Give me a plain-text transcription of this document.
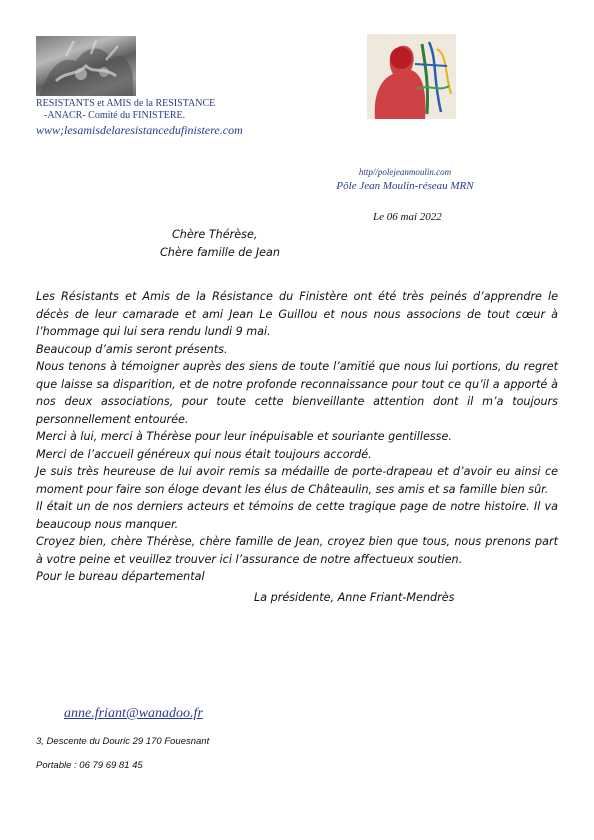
RESISTANTS et AMIS de la RESISTANCE
-ANACR- Comité du FINISTERE.
www;lesamisdelaresistancedufinistere.com
http//polejeanmoulin.com
Pôle Jean Moulin-réseau MRN
Le 06 mai 2022
Chère Thérèse,
Chère famille de Jean

Les Résistants et Amis de la Résistance du Finistère ont été très peinés d’apprendre le décès de leur camarade et ami Jean Le Guillou et nous nous associons de tout cœur à l’hommage qui lui sera rendu lundi 9 mai.

Beaucoup d’amis seront présents.

Nous tenons à témoigner auprès des siens de toute l’amitié que nous lui portions, du regret que laisse sa disparition, et de notre profonde reconnaissance pour tout ce qu’il a apporté à nos deux associations, pour toute cette bienveillante attention dont il m’a toujours personnellement entourée.

Merci à lui, merci à Thérèse pour leur inépuisable et souriante gentillesse.

Merci de l’accueil généreux qui nous était toujours accordé.

Je suis très heureuse de lui avoir remis sa médaille de porte-drapeau et d’avoir eu ainsi ce moment pour faire son éloge devant les élus de Châteaulin, ses amis et sa famille bien sûr.

Il était un de nos derniers acteurs et témoins de cette tragique page de notre histoire. Il va beaucoup nous manquer.

Croyez bien, chère Thérèse, chère famille de Jean, croyez bien que tous, nous prenons part à votre peine et veuillez trouver ici l’assurance de notre affectueux soutien.

Pour le bureau départemental

La présidente, Anne Friant-Mendrès

anne.friant@wanadoo.fr
3, Descente du Douric 29 170 Fouesnant
Portable : 06 79 69 81 45
